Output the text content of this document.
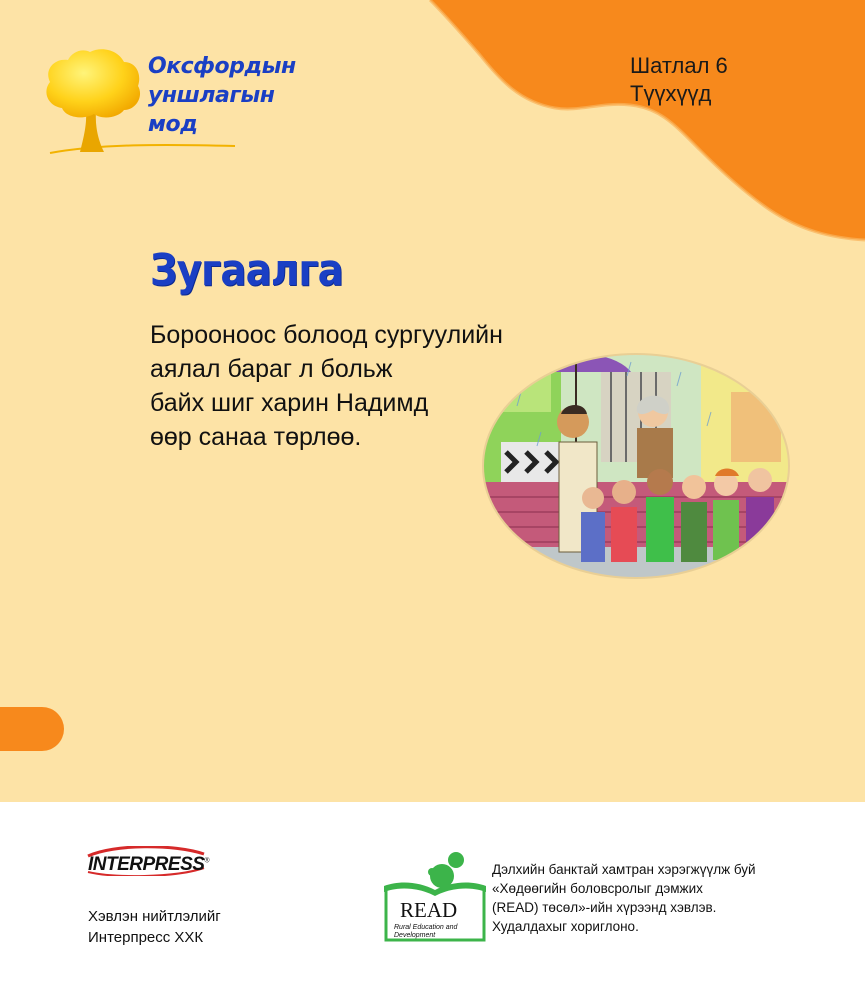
Оксфордын
уншлагын
мод
Шатлал 6
Түүхүүд
Зугаалга
Бороонoос болоод сургуулийн
аялал бараг л больж
байх шиг харин Надимд
өөр санаа төрлөө.
INTERPRESS®
Хэвлэн нийтлэлийг
Интерпресс ХХК
READ
Rural Education and Development
Дэлхийн банктай хамтран хэрэгжүүлж буй
«Хөдөөгийн боловсролыг дэмжих
(READ) төсөл»-ийн хүрээнд хэвлэв.
Худалдахыг хориглоно.
